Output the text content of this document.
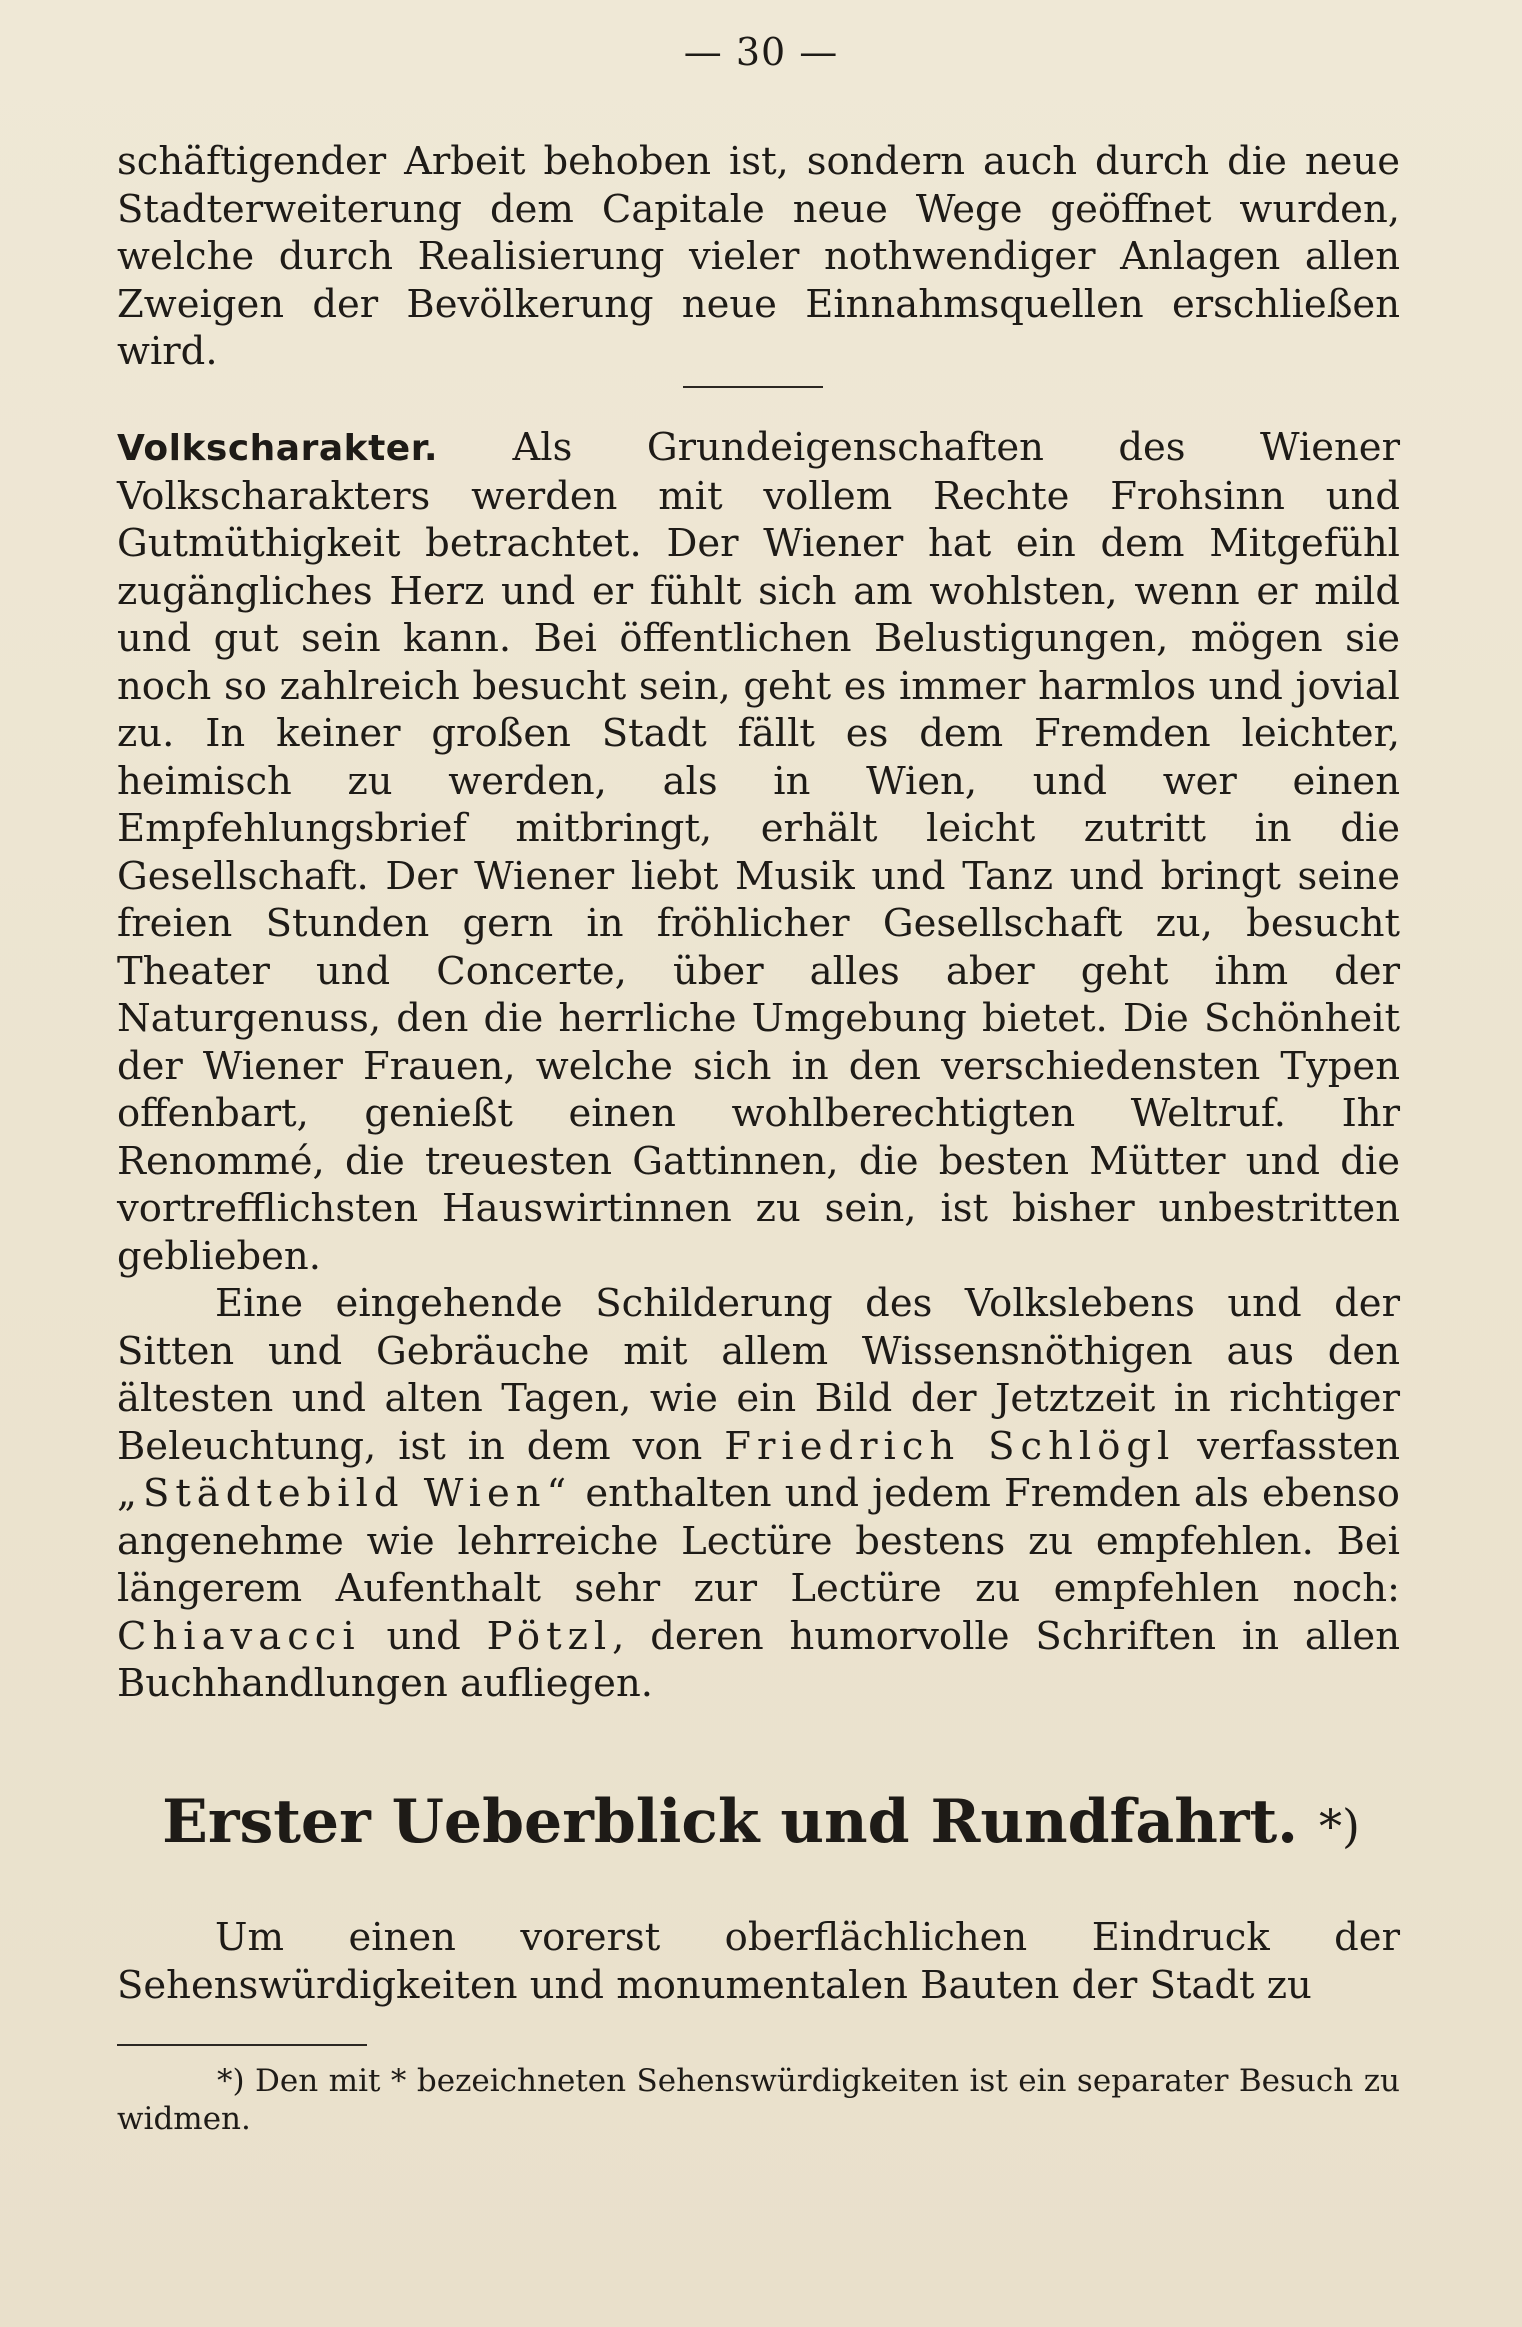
— 30 —

schäftigender Arbeit behoben ist, sondern auch durch die neue Stadterweiterung dem Capitale neue Wege geöffnet wurden, welche durch Realisierung vieler nothwendiger Anlagen allen Zweigen der Bevölkerung neue Einnahmsquellen erschließen wird.

Volkscharakter. Als Grundeigenschaften des Wiener Volkscharakters werden mit vollem Rechte Frohsinn und Gutmüthigkeit betrachtet. Der Wiener hat ein dem Mitgefühl zugängliches Herz und er fühlt sich am wohlsten, wenn er mild und gut sein kann. Bei öffentlichen Belustigungen, mögen sie noch so zahlreich besucht sein, geht es immer harmlos und jovial zu. In keiner großen Stadt fällt es dem Fremden leichter, heimisch zu werden, als in Wien, und wer einen Empfehlungsbrief mitbringt, erhält leicht zutritt in die Gesellschaft. Der Wiener liebt Musik und Tanz und bringt seine freien Stunden gern in fröhlicher Gesellschaft zu, besucht Theater und Concerte, über alles aber geht ihm der Naturgenuss, den die herrliche Umgebung bietet. Die Schönheit der Wiener Frauen, welche sich in den verschiedensten Typen offenbart, genießt einen wohlberechtigten Weltruf. Ihr Renommé, die treuesten Gattinnen, die besten Mütter und die vortrefflichsten Hauswirtinnen zu sein, ist bisher unbestritten geblieben.

Eine eingehende Schilderung des Volkslebens und der Sitten und Gebräuche mit allem Wissensnöthigen aus den ältesten und alten Tagen, wie ein Bild der Jetztzeit in richtiger Beleuchtung, ist in dem von Friedrich Schlögl verfassten „Städtebild Wien“ enthalten und jedem Fremden als ebenso angenehme wie lehrreiche Lectüre bestens zu empfehlen. Bei längerem Aufenthalt sehr zur Lectüre zu empfehlen noch: Chiavacci und Pötzl, deren humorvolle Schriften in allen Buchhandlungen aufliegen.

Erster Ueberblick und Rundfahrt. *)

Um einen vorerst oberflächlichen Eindruck der Sehenswürdigkeiten und monumentalen Bauten der Stadt zu

*) Den mit * bezeichneten Sehenswürdigkeiten ist ein separater Besuch zu widmen.
